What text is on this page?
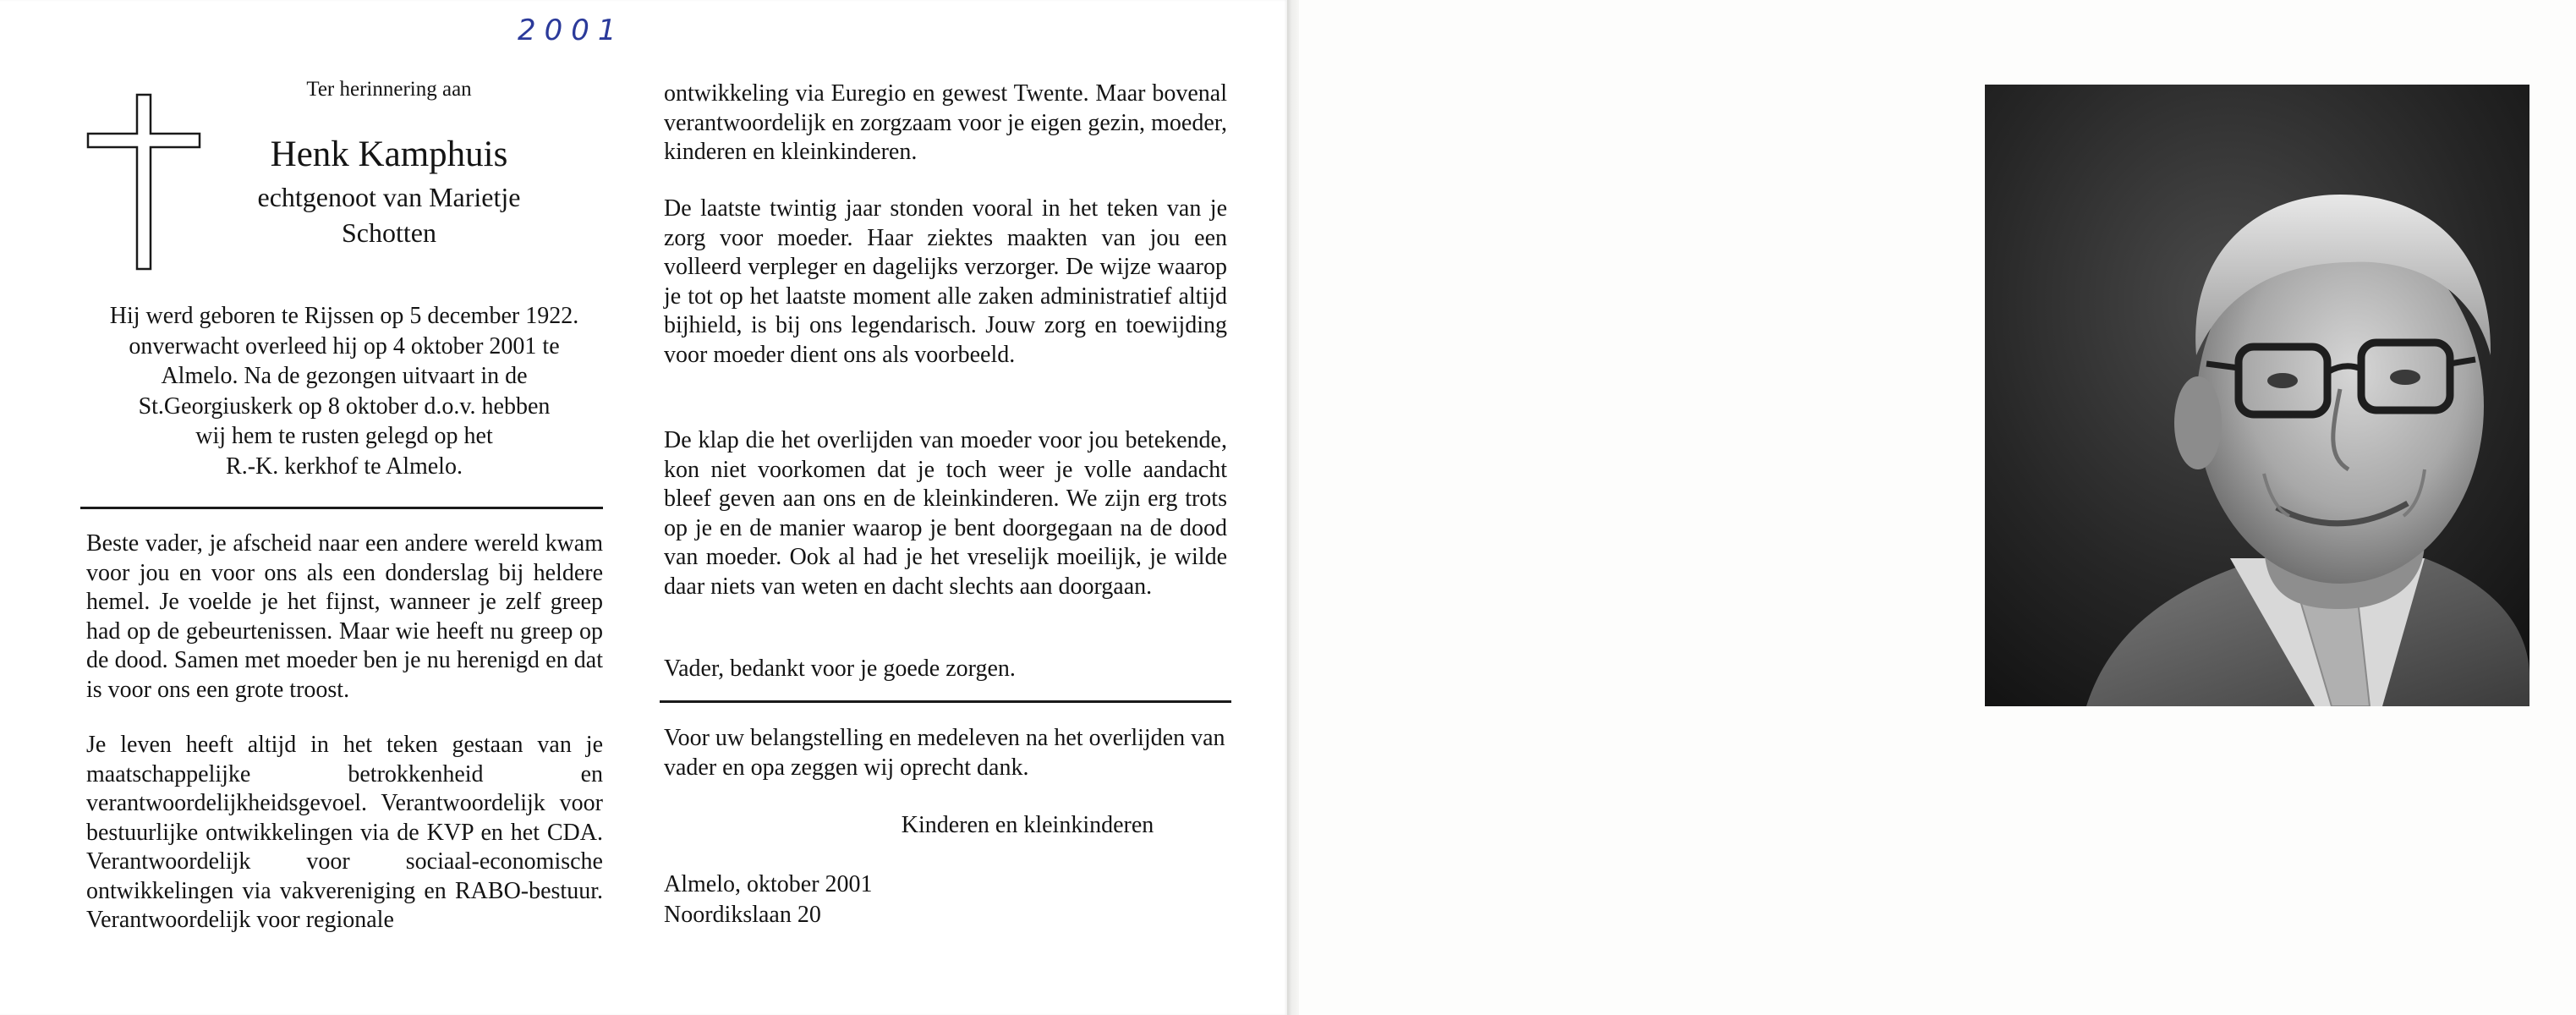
2001

Ter herinnering aan

Henk Kamphuis

echtgenoot van Marietje
Schotten
Hij werd geboren te Rijssen op 5 december 1922.
onverwacht overleed hij op 4 oktober 2001 te
Almelo. Na de gezongen uitvaart in de
St.Georgiuskerk op 8 oktober d.o.v. hebben
wij hem te rusten gelegd op het
R.-K. kerkhof te Almelo.

Beste vader, je afscheid naar een andere wereld kwam voor jou en voor ons als een donderslag bij heldere hemel. Je voelde je het fijnst, wanneer je zelf greep had op de gebeurtenissen. Maar wie heeft nu greep op de dood. Samen met moeder ben je nu herenigd en dat is voor ons een grote troost.

Je leven heeft altijd in het teken gestaan van je maatschappelijke betrokkenheid en verantwoordelijkheidsgevoel. Verantwoordelijk voor bestuurlijke ontwikkelingen via de KVP en het CDA. Verantwoordelijk voor sociaal-economische ontwikkelingen via vakvereniging en RABO-bestuur. Verantwoordelijk voor regionale

ontwikkeling via Euregio en gewest Twente. Maar bovenal verantwoordelijk en zorgzaam voor je eigen gezin, moeder, kinderen en kleinkinderen.

De laatste twintig jaar stonden vooral in het teken van je zorg voor moeder. Haar ziektes maakten van jou een volleerd verpleger en dagelijks verzorger. De wijze waarop je tot op het laatste moment alle zaken administratief altijd bijhield, is bij ons legendarisch. Jouw zorg en toewijding voor moeder dient ons als voorbeeld.

De klap die het overlijden van moeder voor jou betekende, kon niet voorkomen dat je toch weer je volle aandacht bleef geven aan ons en de kleinkinderen. We zijn erg trots op je en de manier waarop je bent doorgegaan na de dood van moeder. Ook al had je het vreselijk moeilijk, je wilde daar niets van weten en dacht slechts aan doorgaan.

Vader, bedankt voor je goede zorgen.

Voor uw belangstelling en medeleven na het overlijden van vader en opa zeggen wij oprecht dank.

Kinderen en kleinkinderen

Almelo, oktober 2001
Noordikslaan 20
